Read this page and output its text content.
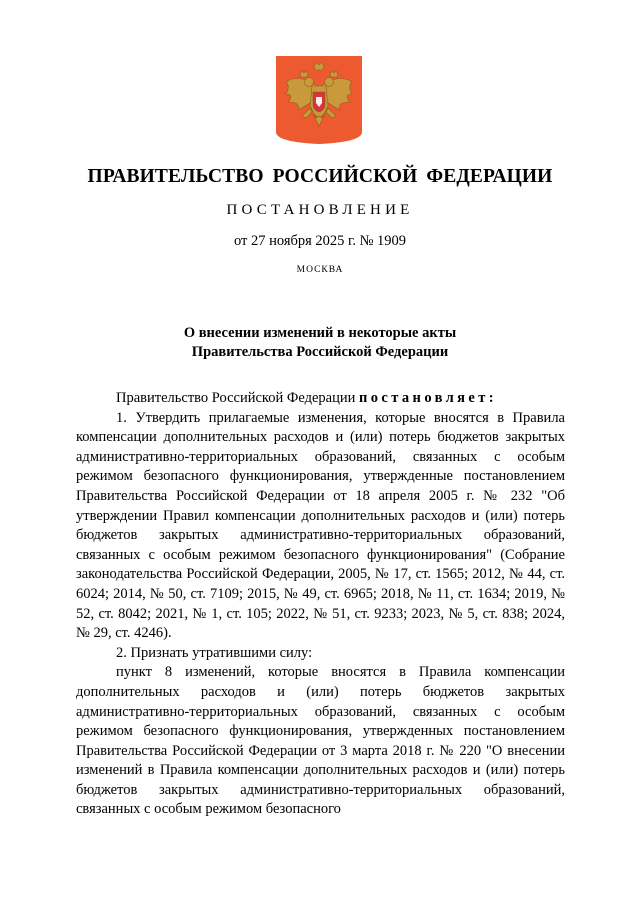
ПРАВИТЕЛЬСТВО РОССИЙСКОЙ ФЕДЕРАЦИИ
ПОСТАНОВЛЕНИЕ
от 27 ноября 2025 г. № 1909
МОСКВА
О внесении изменений в некоторые акты
Правительства Российской Федерации

Правительство Российской Федерации постановляет:

1. Утвердить прилагаемые изменения, которые вносятся в Правила компенсации дополнительных расходов и (или) потерь бюджетов закрытых административно-территориальных образований, связанных с особым режимом безопасного функционирования, утвержденные постановлением Правительства Российской Федерации от 18 апреля 2005 г. № 232 "Об утверждении Правил компенсации дополнительных расходов и (или) потерь бюджетов закрытых административно-территориальных образований, связанных с особым режимом безопасного функционирования" (Собрание законодательства Российской Федерации, 2005, № 17, ст. 1565; 2012, № 44, ст. 6024; 2014, № 50, ст. 7109; 2015, № 49, ст. 6965; 2018, № 11, ст. 1634; 2019, № 52, ст. 8042; 2021, № 1, ст. 105; 2022, № 51, ст. 9233; 2023, № 5, ст. 838; 2024, № 29, ст. 4246).

2. Признать утратившими силу:

пункт 8 изменений, которые вносятся в Правила компенсации дополнительных расходов и (или) потерь бюджетов закрытых административно-территориальных образований, связанных с особым режимом безопасного функционирования, утвержденных постановлением Правительства Российской Федерации от 3 марта 2018 г. № 220 "О внесении изменений в Правила компенсации дополнительных расходов и (или) потерь бюджетов закрытых административно-территориальных образований, связанных с особым режимом безопасного
